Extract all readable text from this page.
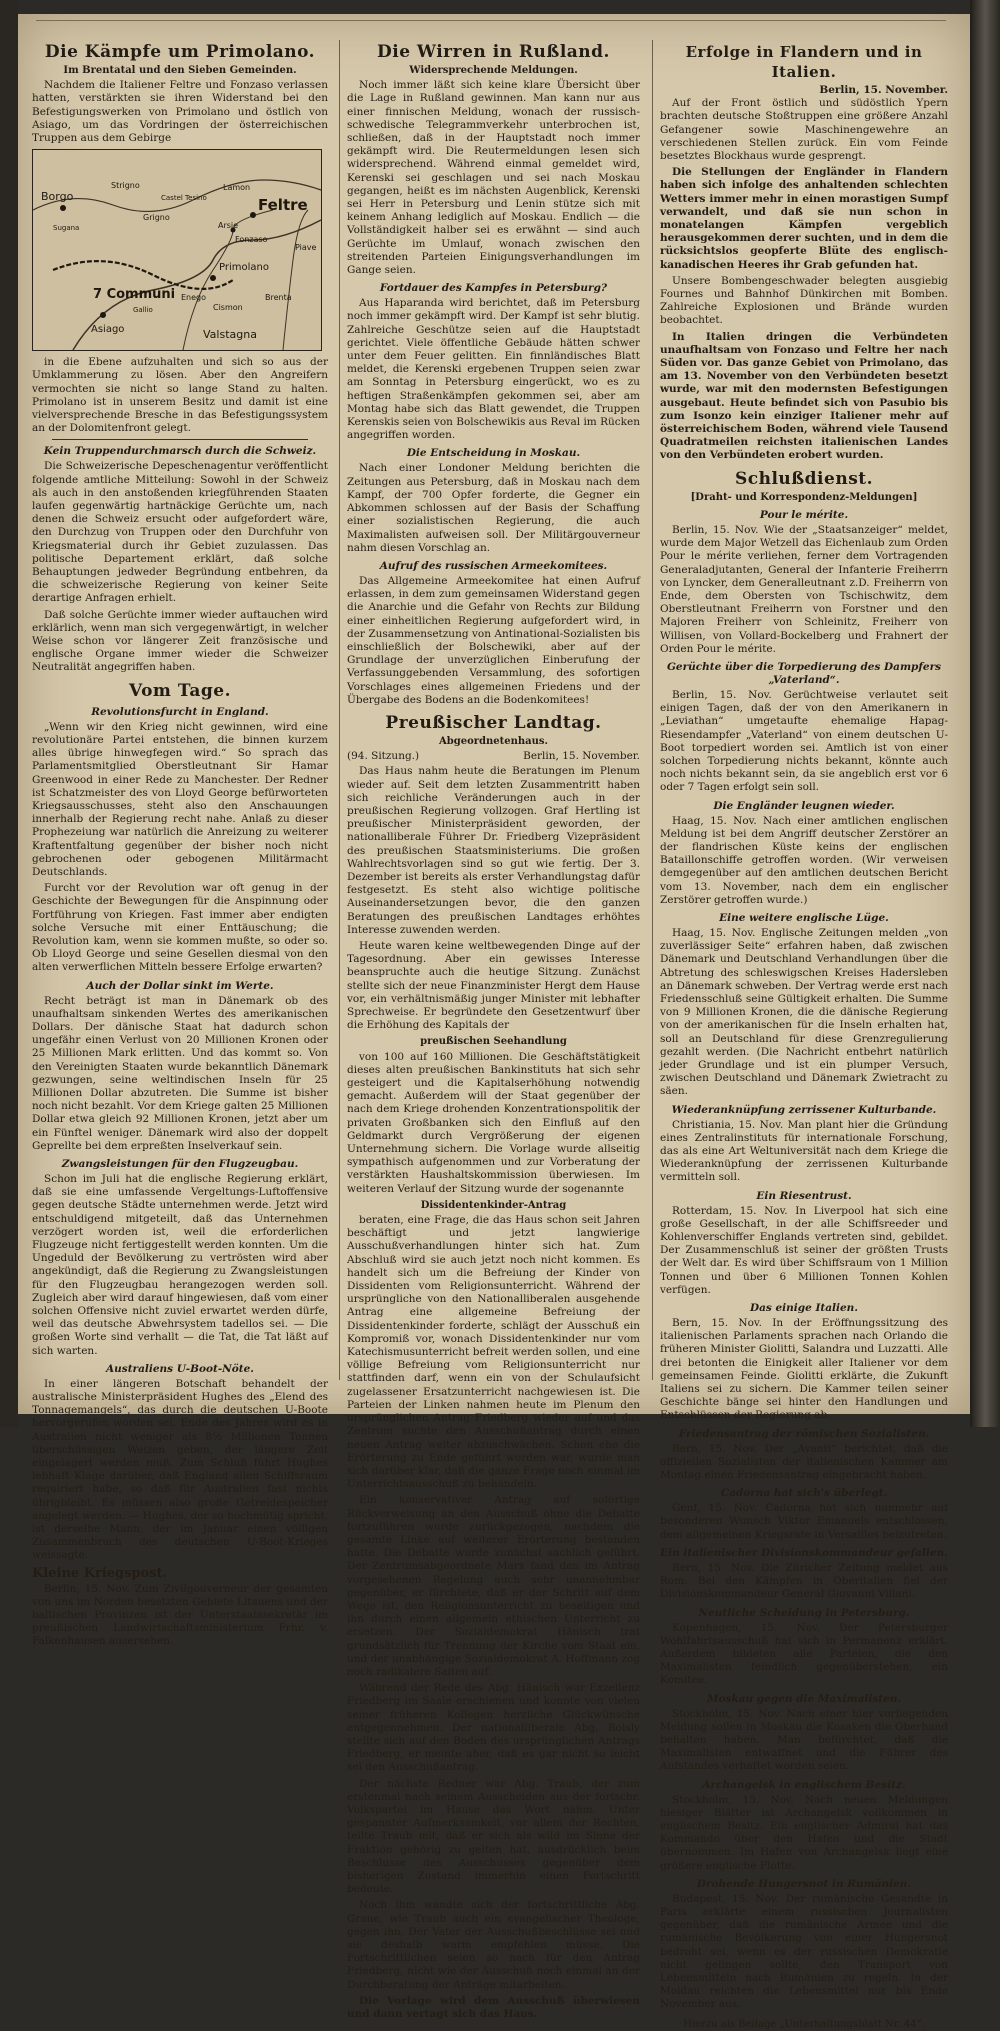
Die Kämpfe um Primolano.
Im Brentatal und den Sieben Gemeinden.

Nachdem die Italiener Feltre und Fonzaso verlassen hatten, verstärkten sie ihren Widerstand bei den Befestigungswerken von Primolano und östlich von Asiago, um das Vordringen der österreichischen Truppen aus dem Gebirge

Borgo
Strigno
Grigno
Lamon
Feltre
Primolano
Fonzaso
Arsie
Cismon
Valstagna
Asiago
Gallio
7 Communi
Castel Tesino
Enego
Sugana
Brenta
Piave

in die Ebene aufzuhalten und sich so aus der Umklammerung zu lösen. Aber den Angreifern vermochten sie nicht so lange Stand zu halten. Primolano ist in unserem Besitz und damit ist eine vielversprechende Bresche in das Befestigungssystem an der Dolomitenfront gelegt.

Kein Truppendurchmarsch durch die Schweiz.

Die Schweizerische Depeschenagentur veröffentlicht folgende amtliche Mitteilung: Sowohl in der Schweiz als auch in den anstoßenden kriegführenden Staaten laufen gegenwärtig hartnäckige Gerüchte um, nach denen die Schweiz ersucht oder aufgefordert wäre, den Durchzug von Truppen oder den Durchfuhr von Kriegsmaterial durch ihr Gebiet zuzulassen. Das politische Departement erklärt, daß solche Behauptungen jedweder Begründung entbehren, da die schweizerische Regierung von keiner Seite derartige Anfragen erhielt.

Daß solche Gerüchte immer wieder auftauchen wird erklärlich, wenn man sich vergegenwärtigt, in welcher Weise schon vor längerer Zeit französische und englische Organe immer wieder die Schweizer Neutralität angegriffen haben.

Vom Tage.
Revolutionsfurcht in England.

„Wenn wir den Krieg nicht gewinnen, wird eine revolutionäre Partei entstehen, die binnen kurzem alles übrige hinwegfegen wird.“ So sprach das Parlamentsmitglied Oberstleutnant Sir Hamar Greenwood in einer Rede zu Manchester. Der Redner ist Schatzmeister des von Lloyd George befürworteten Kriegsausschusses, steht also den Anschauungen innerhalb der Regierung recht nahe. Anlaß zu dieser Prophezeiung war natürlich die Anreizung zu weiterer Kraftentfaltung gegenüber der bisher noch nicht gebrochenen oder gebogenen Militärmacht Deutschlands.

Furcht vor der Revolution war oft genug in der Geschichte der Bewegungen für die Anspinnung oder Fortführung von Kriegen. Fast immer aber endigten solche Versuche mit einer Enttäuschung; die Revolution kam, wenn sie kommen mußte, so oder so. Ob Lloyd George und seine Gesellen diesmal von den alten verwerflichen Mitteln bessere Erfolge erwarten?

Auch der Dollar sinkt im Werte.

Recht beträgt ist man in Dänemark ob des unaufhaltsam sinkenden Wertes des amerikanischen Dollars. Der dänische Staat hat dadurch schon ungefähr einen Verlust von 20 Millionen Kronen oder 25 Millionen Mark erlitten. Und das kommt so. Von den Vereinigten Staaten wurde bekanntlich Dänemark gezwungen, seine weltindischen Inseln für 25 Millionen Dollar abzutreten. Die Summe ist bisher noch nicht bezahlt. Vor dem Kriege galten 25 Millionen Dollar etwa gleich 92 Millionen Kronen, jetzt aber um ein Fünftel weniger. Dänemark wird also der doppelt Geprellte bei dem erpreßten Inselverkauf sein.

Zwangsleistungen für den Flugzeugbau.

Schon im Juli hat die englische Regierung erklärt, daß sie eine umfassende Vergeltungs-Luftoffensive gegen deutsche Städte unternehmen werde. Jetzt wird entschuldigend mitgeteilt, daß das Unternehmen verzögert worden ist, weil die erforderlichen Flugzeuge nicht fertiggestellt werden konnten. Um die Ungeduld der Bevölkerung zu vertrösten wird aber angekündigt, daß die Regierung zu Zwangsleistungen für den Flugzeugbau herangezogen werden soll. Zugleich aber wird darauf hingewiesen, daß vom einer solchen Offensive nicht zuviel erwartet werden dürfe, weil das deutsche Abwehrsystem tadellos sei. — Die großen Worte sind verhallt — die Tat, die Tat läßt auf sich warten.

Australiens U-Boot-Nöte.

In einer längeren Botschaft behandelt der australische Ministerpräsident Hughes des „Elend des Tonnagemangels“, das durch die deutschen U-Boote hervorgerufen worden sei. Ende des Jahres wird es in Australien nicht weniger als 8½ Millionen Tonnen überschüssigen Weizen geben, der längere Zeit eingelagert werden muß. Zum Schluß führt Hughes lebhaft Klage darüber, daß England allen Schiffsraum requiriert habe, so daß für Australien fast nichts übrigbleibt. Es müssen also große Getreidespeicher angelegt werden. — Hughes, der so hochmütig spricht, ist derselbe Mann, der im Januar einen völligen Zusammenbruch des deutschen U-Boot-Krieges weissagte.

Kleine Kriegspost.

Berlin, 15. Nov. Zum Zivilgouverneur der gesamten von uns im Norden besetzten Gebiete Litauens und der baltischen Provinzen ist der Unterstaatssekretär im preußischen Landwirtschaftsministerium Frhr. v. Falkenhausen ausersehen.

Die Wirren in Rußland.
Widersprechende Meldungen.

Noch immer läßt sich keine klare Übersicht über die Lage in Rußland gewinnen. Man kann nur aus einer finnischen Meldung, wonach der russisch-schwedische Telegrammverkehr unterbrochen ist, schließen, daß in der Hauptstadt noch immer gekämpft wird. Die Reutermeldungen lesen sich widersprechend. Während einmal gemeldet wird, Kerenski sei geschlagen und sei nach Moskau gegangen, heißt es im nächsten Augenblick, Kerenski sei Herr in Petersburg und Lenin stütze sich mit keinem Anhang lediglich auf Moskau. Endlich — die Vollständigkeit halber sei es erwähnt — sind auch Gerüchte im Umlauf, wonach zwischen den streitenden Parteien Einigungsverhandlungen im Gange seien.

Fortdauer des Kampfes in Petersburg?

Aus Haparanda wird berichtet, daß im Petersburg noch immer gekämpft wird. Der Kampf ist sehr blutig. Zahlreiche Geschütze seien auf die Hauptstadt gerichtet. Viele öffentliche Gebäude hätten schwer unter dem Feuer gelitten. Ein finnländisches Blatt meldet, die Kerenski ergebenen Truppen seien zwar am Sonntag in Petersburg eingerückt, wo es zu heftigen Straßenkämpfen gekommen sei, aber am Montag habe sich das Blatt gewendet, die Truppen Kerenskis seien von Bolschewikis aus Reval im Rücken angegriffen worden.

Die Entscheidung in Moskau.

Nach einer Londoner Meldung berichten die Zeitungen aus Petersburg, daß in Moskau nach dem Kampf, der 700 Opfer forderte, die Gegner ein Abkommen schlossen auf der Basis der Schaffung einer sozialistischen Regierung, die auch Maximalisten aufweisen soll. Der Militärgouverneur nahm diesen Vorschlag an.

Aufruf des russischen Armeekomitees.

Das Allgemeine Armeekomitee hat einen Aufruf erlassen, in dem zum gemeinsamen Widerstand gegen die Anarchie und die Gefahr von Rechts zur Bildung einer einheitlichen Regierung aufgefordert wird, in der Zusammensetzung von Antinational-Sozialisten bis einschließlich der Bolschewiki, aber auf der Grundlage der unverzüglichen Einberufung der Verfassunggebenden Versammlung, des sofortigen Vorschlages eines allgemeinen Friedens und der Übergabe des Bodens an die Bodenkomitees!

Preußischer Landtag.
Abgeordnetenhaus.
(94. Sitzung.)	Berlin, 15. November.

Das Haus nahm heute die Beratungen im Plenum wieder auf. Seit dem letzten Zusammentritt haben sich reichliche Veränderungen auch in der preußischen Regierung vollzogen. Graf Hertling ist preußischer Ministerpräsident geworden, der nationalliberale Führer Dr. Friedberg Vizepräsident des preußischen Staatsministeriums. Die großen Wahlrechtsvorlagen sind so gut wie fertig. Der 3. Dezember ist bereits als erster Verhandlungstag dafür festgesetzt. Es steht also wichtige politische Auseinandersetzungen bevor, die den ganzen Beratungen des preußischen Landtages erhöhtes Interesse zuwenden werden.

Heute waren keine weltbewegenden Dinge auf der Tagesordnung. Aber ein gewisses Interesse beanspruchte auch die heutige Sitzung. Zunächst stellte sich der neue Finanzminister Hergt dem Hause vor, ein verhältnismäßig junger Minister mit lebhafter Sprechweise. Er begründete den Gesetzentwurf über die Erhöhung des Kapitals der

preußischen Seehandlung

von 100 auf 160 Millionen. Die Geschäftstätigkeit dieses alten preußischen Bankinstituts hat sich sehr gesteigert und die Kapitalserhöhung notwendig gemacht. Außerdem will der Staat gegenüber der nach dem Kriege drohenden Konzentrationspolitik der privaten Großbanken sich den Einfluß auf den Geldmarkt durch Vergrößerung der eigenen Unternehmung sichern. Die Vorlage wurde allseitig sympathisch aufgenommen und zur Vorberatung der verstärkten Haushaltskommission überwiesen. Im weiteren Verlauf der Sitzung wurde der sogenannte

Dissidentenkinder-Antrag

beraten, eine Frage, die das Haus schon seit Jahren beschäftigt und jetzt langwierige Ausschußverhandlungen hinter sich hat. Zum Abschluß wird sie auch jetzt noch nicht kommen. Es handelt sich um die Befreiung der Kinder von Dissidenten vom Religionsunterricht. Während der ursprüngliche von den Nationalliberalen ausgehende Antrag eine allgemeine Befreiung der Dissidentenkinder forderte, schlägt der Ausschuß ein Kompromiß vor, wonach Dissidentenkinder nur vom Katechismusunterricht befreit werden sollen, und eine völlige Befreiung vom Religionsunterricht nur stattfinden darf, wenn ein von der Schulaufsicht zugelassener Ersatzunterricht nachgewiesen ist. Die Parteien der Linken nahmen heute im Plenum den ursprünglichen Antrag Friedberg wieder auf und das Zentrum suchte den Ausschußantrag durch einen neuen Antrag weiter abzuschwächen. Schon ehe die Erörterung zu Ende geführt worden war, wurde man sich darüber klar, daß die ganze Frage noch einmal im Unterrichtsausschuß zu behandeln.

Ein konservativer Antrag auf sofortige Rückverweisung an den Ausschuß ohne die Debatte fortzuführen wurde zurückgezogen, nachdem die gesamte Linke auf weiterer Erörterung bestanden hatte. Die Debatte wurde zunächst sachlich geführt. Der Zentrumsabgeordnete Marx fand den im Antrag vorgesehenen Regelung auch sehr unannehmbar gegenüber, er fürchtete, daß er der Schritt auf dem Wege ist, den Religionsunterricht zu beseitigen und ihn durch einen allgemein ethischen Unterricht zu ersetzen. Der Sozialdemokrat Hänisch trat grundsätzlich für Trennung der Kirche vom Staat ein, und der unabhängige Sozialdemokrat A. Hoffmann zog noch radikalere Saiten auf.

Während der Rede des Abg. Hänisch war Exzellenz Friedberg im Saale erschienen und konnte von vielen seiner früheren Kollegen herzliche Glückwünsche entgegennehmen. Der nationalliberale Abg. Boisly stellte sich auf den Boden des ursprünglichen Antrags Friedberg, er meinte aber, daß es gar nicht so leicht sei den Ausschußantrag.

Der nächste Redner war Abg. Traub, der zum erstenmal nach seinem Ausscheiden aus der fortschr. Volkspartei im Hause das Wort nahm. Unter gespannter Aufmerksamkeit, vor allem der Rechten, teilte Traub mit, daß er sich als wild im Sinne der Fraktion gehörig zu gelten hat, ausdrücklich beim Beschlusse des Ausschusses gegenüber dem bisherigen Zustand immerhin einen Fortschritt bedeute.

Noch ihm wandte sich der fortschrittliche Abg. Graue, wie Traub auch ein evangelischer Theologe, gegen ihn. Der Vater der Ausschußbeschlüsse sei und sie deshalb warm empfehlen müsse. Die Fortschrittlichen seien so nach für den Antrag Friedberg, nicht wie der Ausschuß noch einmal an der Durchberatung der Anträge mitarbeiten.

Die Vorlage wird dem Ausschuß überwiesen und dann vertagt sich das Haus.

Erfolge in Flandern und in Italien.
Berlin, 15. November.

Auf der Front östlich und südöstlich Ypern brachten deutsche Stoßtruppen eine größere Anzahl Gefangener sowie Maschinengewehre an verschiedenen Stellen zurück. Ein vom Feinde besetztes Blockhaus wurde gesprengt.

Die Stellungen der Engländer in Flandern haben sich infolge des anhaltenden schlechten Wetters immer mehr in einen morastigen Sumpf verwandelt, und daß sie nun schon in monatelangen Kämpfen vergeblich herausgekommen derer suchten, und in dem die rücksichtslos geopferte Blüte des englisch-kanadischen Heeres ihr Grab gefunden hat.

Unsere Bombengeschwader belegten ausgiebig Fournes und Bahnhof Dünkirchen mit Bomben. Zahlreiche Explosionen und Brände wurden beobachtet.

In Italien dringen die Verbündeten unaufhaltsam von Fonzaso und Feltre her nach Süden vor. Das ganze Gebiet von Primolano, das am 13. November von den Verbündeten besetzt wurde, war mit den modernsten Befestigungen ausgebaut. Heute befindet sich von Pasubio bis zum Isonzo kein einziger Italiener mehr auf österreichischem Boden, während viele Tausend Quadratmeilen reichsten italienischen Landes von den Verbündeten erobert wurden.

Schlußdienst.
[Draht- und Korrespondenz-Meldungen]
Pour le mérite.

Berlin, 15. Nov. Wie der „Staatsanzeiger“ meldet, wurde dem Major Wetzell das Eichenlaub zum Orden Pour le mérite verliehen, ferner dem Vortragenden Generaladjutanten, General der Infanterie Freiherrn von Lyncker, dem Generalleutnant z.D. Freiherrn von Ende, dem Obersten von Tschischwitz, dem Oberstleutnant Freiherrn von Forstner und den Majoren Freiherr von Schleinitz, Freiherr von Willisen, von Vollard-Bockelberg und Frahnert der Orden Pour le mérite.

Gerüchte über die Torpedierung des Dampfers „Vaterland“.

Berlin, 15. Nov. Gerüchtweise verlautet seit einigen Tagen, daß der von den Amerikanern in „Leviathan“ umgetaufte ehemalige Hapag-Riesendampfer „Vaterland“ von einem deutschen U-Boot torpediert worden sei. Amtlich ist von einer solchen Torpedierung nichts bekannt, könnte auch noch nichts bekannt sein, da sie angeblich erst vor 6 oder 7 Tagen erfolgt sein soll.

Die Engländer leugnen wieder.

Haag, 15. Nov. Nach einer amtlichen englischen Meldung ist bei dem Angriff deutscher Zerstörer an der flandrischen Küste keins der englischen Bataillonschiffe getroffen worden. (Wir verweisen demgegenüber auf den amtlichen deutschen Bericht vom 13. November, nach dem ein englischer Zerstörer getroffen wurde.)

Eine weitere englische Lüge.

Haag, 15. Nov. Englische Zeitungen melden „von zuverlässiger Seite“ erfahren haben, daß zwischen Dänemark und Deutschland Verhandlungen über die Abtretung des schleswigschen Kreises Hadersleben an Dänemark schweben. Der Vertrag werde erst nach Friedensschluß seine Gültigkeit erhalten. Die Summe von 9 Millionen Kronen, die die dänische Regierung von der amerikanischen für die Inseln erhalten hat, soll an Deutschland für diese Grenzregulierung gezahlt werden. (Die Nachricht entbehrt natürlich jeder Grundlage und ist ein plumper Versuch, zwischen Deutschland und Dänemark Zwietracht zu säen.

Wiederanknüpfung zerrissener Kulturbande.

Christiania, 15. Nov. Man plant hier die Gründung eines Zentralinstituts für internationale Forschung, das als eine Art Weltuniversität nach dem Kriege die Wiederanknüpfung der zerrissenen Kulturbande vermitteln soll.

Ein Riesentrust.

Rotterdam, 15. Nov. In Liverpool hat sich eine große Gesellschaft, in der alle Schiffsreeder und Kohlenverschiffer Englands vertreten sind, gebildet. Der Zusammenschluß ist seiner der größten Trusts der Welt dar. Es wird über Schiffsraum von 1 Million Tonnen und über 6 Millionen Tonnen Kohlen verfügen.

Das einige Italien.

Bern, 15. Nov. In der Eröffnungssitzung des italienischen Parlaments sprachen nach Orlando die früheren Minister Giolitti, Salandra und Luzzatti. Alle drei betonten die Einigkeit aller Italiener vor dem gemeinsamen Feinde. Giolitti erklärte, die Zukunft Italiens sei zu sichern. Die Kammer teilen seiner Geschichte bänge sei hinter den Handlungen und Entschlüssen der Regierung ab.

Friedensantrag der römischen Sozialisten.

Bern, 15. Nov. Der „Avanti“ berichtet, daß die offiziellen Sozialisten der italienischen Kammer am Montag einen Friedensantrag eingebracht haben.

Cadorna hat sich's überlegt.

Genf, 15. Nov. Cadorna hat sich nunmehr auf besonderen Wunsch Viktor Emanuels entschlossen, dem allgemeinen Kriegsrate in Versailles beizutreten.

Ein italienischer Divisionskommandeur gefallen.

Bern, 15. Nov. Die Züricher Zeitung meldet aus Rom: Bei den Kämpfen in Oberitalien fiel der Divisionskommandeur General Giovanni Villani.

Neutliche Scheidung in Petersburg.

Kopenhagen, 15. Nov. Der Petersburger Wohlfahrtsausschuß hat sich in Permanenz erklärt. Außerdem bildeten alle Parteien, die den Maximalisten feindlich gegenüberstehen, ein Komitee.

Moskau gegen die Maximalisten.

Stockholm, 15. Nov. Nach einer hier vorliegenden Meldung sollen in Moskau die Kosaken die Oberhand behalten haben. Man befürchtet, daß die Maximalisten entwaffnet und die Führer des Aufstandes verhaftet worden seien.

Archangelsk in englischem Besitz.

Stockholm, 15. Nov. Nach neuen Meldungen hiesiger Blätter ist Archangelsk vollkommen in englischem Besitz. Ein englischer Admiral hat das Kommando über den Hafen und die Stadt übernommen. Im Hafen von Archangelsk liegt eine größere englische Flotte.

Drohende Hungersnot in Rumänien.

Budapest, 15. Nov. Der rumänische Gesandte in Paris erklärte einem russischen Journalisten gegenüber, daß die rumänische Armee und die rumänische Bevölkerung von einer Hungersnot bedroht sei, wenn es der russischen Demokratie nicht gelingen sollte, den Transport von Lebensmitteln nach Rumänien zu regeln. In der Moldau reichten die Lebensmittel nur bis Ende November aus.

Hierzu als Beilage „Unterhaltungsblatt Nr. 44“.
